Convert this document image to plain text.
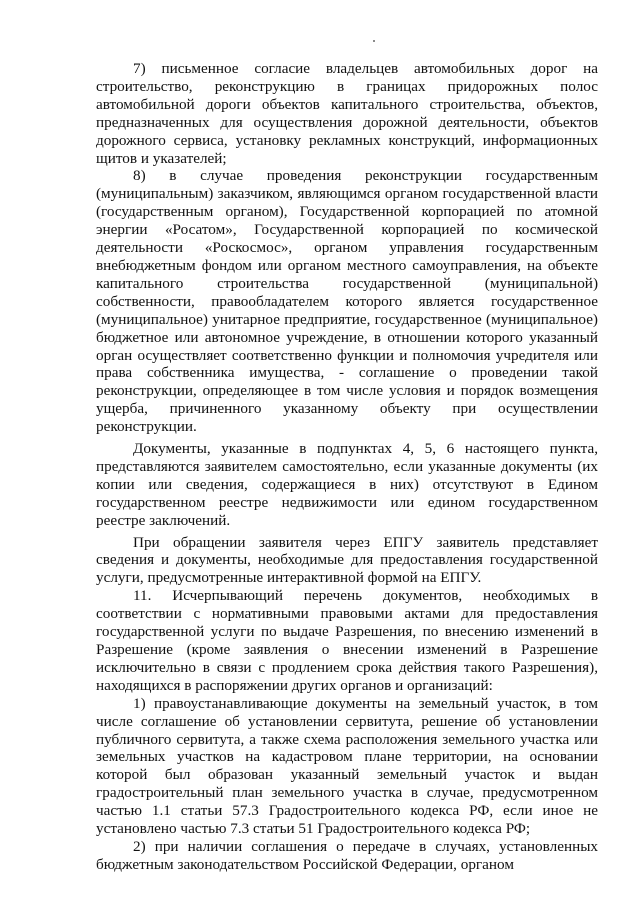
7) письменное согласие владельцев автомобильных дорог на строительство, реконструкцию в границах придорожных полос автомобильной дороги объектов капитального строительства, объектов, предназначенных для осуществления дорожной деятельности, объектов дорожного сервиса, установку рекламных конструкций, информационных щитов и указателей;

8) в случае проведения реконструкции государственным (муниципальным) заказчиком, являющимся органом государственной власти (государственным органом), Государственной корпорацией по атомной энергии «Росатом», Государственной корпорацией по космической деятельности «Роскосмос», органом управления государственным внебюджетным фондом или органом местного самоуправления, на объекте капитального строительства государственной (муниципальной) собственности, правообладателем которого является государственное (муниципальное) унитарное предприятие, государственное (муниципальное) бюджетное или автономное учреждение, в отношении которого указанный орган осуществляет соответственно функции и полномочия учредителя или права собственника имущества, - соглашение о проведении такой реконструкции, определяющее в том числе условия и порядок возмещения ущерба, причиненного указанному объекту при осуществлении реконструкции.

Документы, указанные в подпунктах 4, 5, 6 настоящего пункта, представляются заявителем самостоятельно, если указанные документы (их копии или сведения, содержащиеся в них) отсутствуют в Едином государственном реестре недвижимости или едином государственном реестре заключений.

При обращении заявителя через ЕПГУ заявитель представляет сведения и документы, необходимые для предоставления государственной услуги, предусмотренные интерактивной формой на ЕПГУ.

11. Исчерпывающий перечень документов, необходимых в соответствии с нормативными правовыми актами для предоставления государственной услуги по выдаче Разрешения, по внесению изменений в Разрешение (кроме заявления о внесении изменений в Разрешение исключительно в связи с продлением срока действия такого Разрешения), находящихся в распоряжении других органов и организаций:

1) правоустанавливающие документы на земельный участок, в том числе соглашение об установлении сервитута, решение об установлении публичного сервитута, а также схема расположения земельного участка или земельных участков на кадастровом плане территории, на основании которой был образован указанный земельный участок и выдан градостроительный план земельного участка в случае, предусмотренном частью 1.1 статьи 57.3 Градостроительного кодекса РФ, если иное не установлено частью 7.3 статьи 51 Градостроительного кодекса РФ;

2) при наличии соглашения о передаче в случаях, установленных бюджетным законодательством Российской Федерации, органом
